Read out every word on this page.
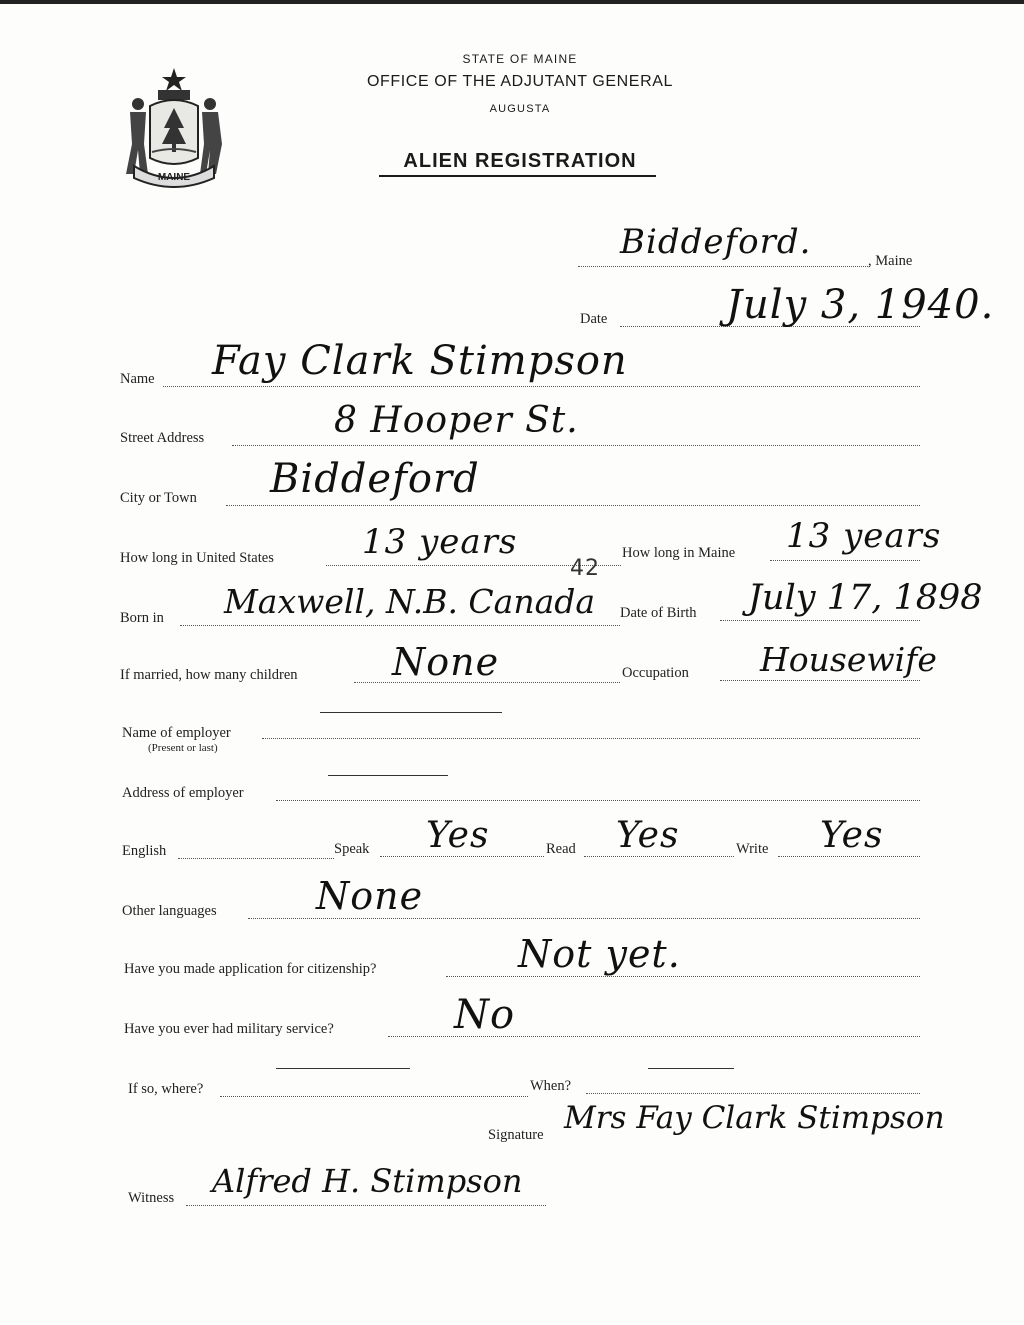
MAINE
STATE OF MAINE
OFFICE OF THE ADJUTANT GENERAL
AUGUSTA
ALIEN REGISTRATION
, Maine
Biddeford.
Date	July 3, 1940.
Name Fay Clark Stimpson
Street Address	8 Hooper St.
City or Town Biddeford
How long in United States	13 years	How long in Maine 13 years
42
Born in Maxwell, N.B. Canada Date of Birth July 17, 1898
If married, how many children None	Occupation Housewife
Name of employer
(Present or last)
Address of employer
English	Speak Yes	Read Yes	Write Yes
Other languages	None
Have you made application for citizenship?	Not yet.
Have you ever had military service?	No
If so, where?	When?
Signature Mrs Fay Clark Stimpson
Witness Alfred H. Stimpson
